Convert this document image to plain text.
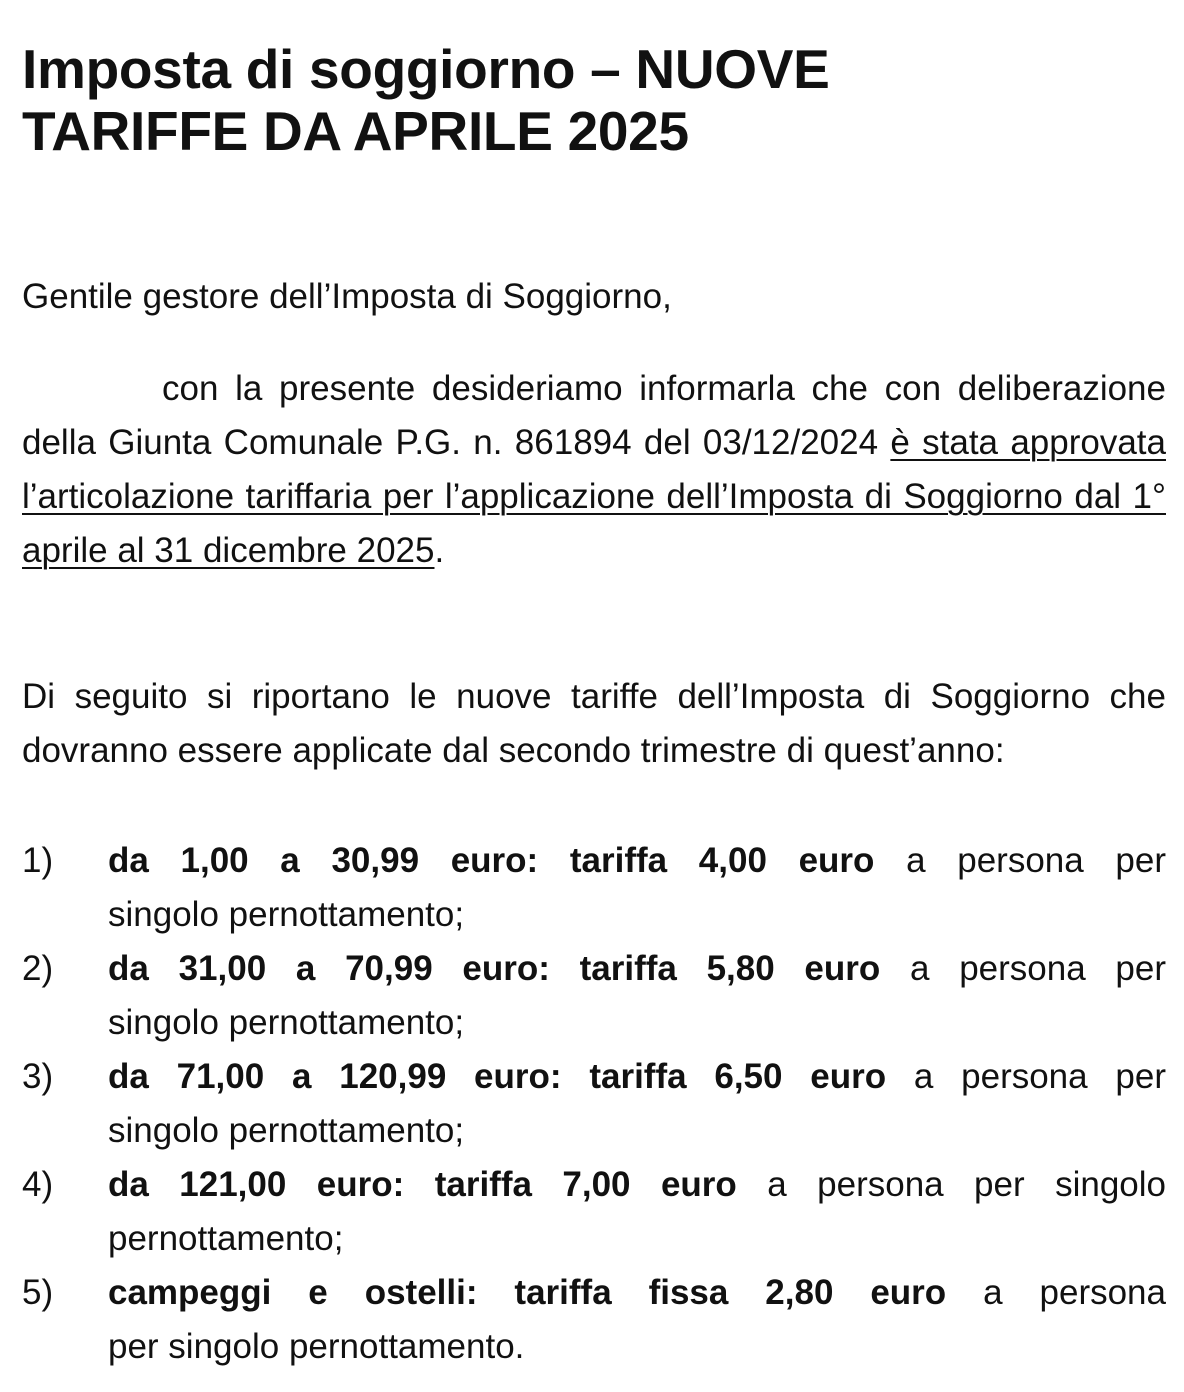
Imposta di soggiorno – NUOVE
TARIFFE DA APRILE 2025

Gentile gestore dell’Imposta di Soggiorno,

con la presente desideriamo informarla che con deliberazione della Giunta Comunale P.G. n. 861894 del 03/12/2024 è stata approvata l’articolazione tariffaria per l’applicazione dell’Imposta di Soggiorno dal 1° aprile al 31 dicembre 2025.

Di seguito si riportano le nuove tariffe dell’Imposta di Soggiorno che dovranno essere applicate dal secondo trimestre di quest’anno:

1) da 1,00 a 30,99 euro: tariffa 4,00 euro a persona per
singolo pernottamento;
2) da 31,00 a 70,99 euro: tariffa 5,80 euro a persona per
singolo pernottamento;
3) da 71,00 a 120,99 euro: tariffa 6,50 euro a persona per
singolo pernottamento;
4) da 121,00 euro: tariffa 7,00 euro a persona per singolo
pernottamento;
5) campeggi e ostelli: tariffa fissa 2,80 euro a persona
per singolo pernottamento.
